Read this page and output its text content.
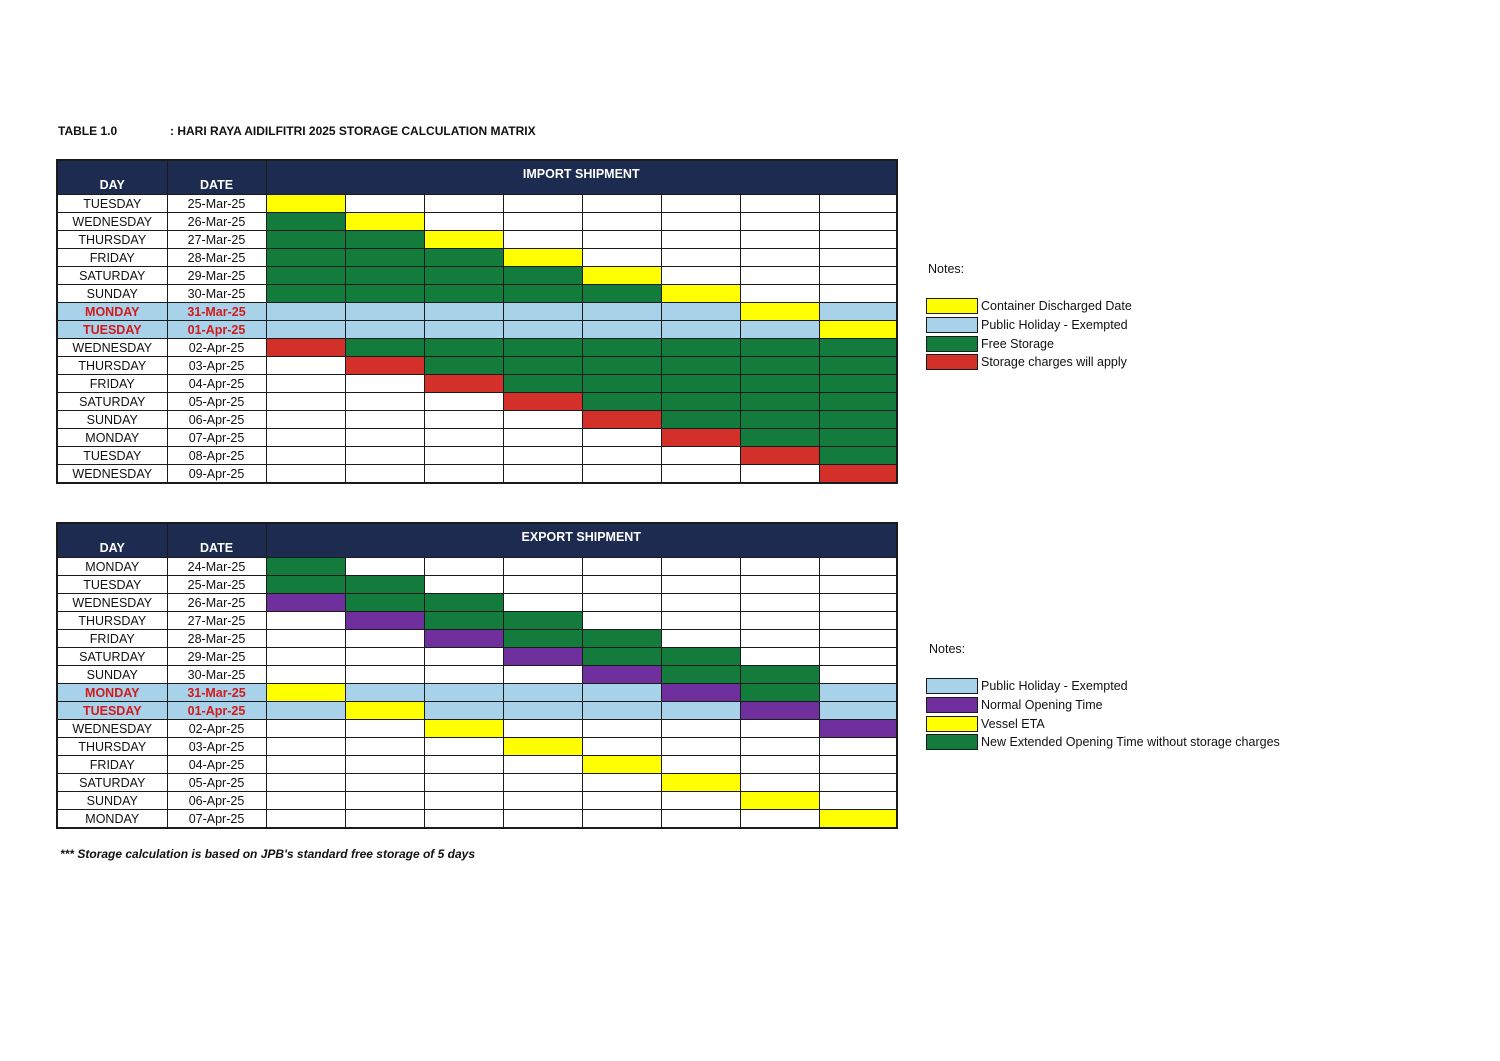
TABLE 1.0	: HARI RAYA AIDILFITRI 2025 STORAGE CALCULATION MATRIX
DAY	DATE	IMPORT SHIPMENT							
TUESDAY	25-Mar-25								
WEDNESDAY	26-Mar-25								
THURSDAY	27-Mar-25								
FRIDAY	28-Mar-25								
SATURDAY	29-Mar-25								
SUNDAY	30-Mar-25								
MONDAY	31-Mar-25								
TUESDAY	01-Apr-25								
WEDNESDAY	02-Apr-25								
THURSDAY	03-Apr-25								
FRIDAY	04-Apr-25								
SATURDAY	05-Apr-25								
SUNDAY	06-Apr-25								
MONDAY	07-Apr-25								
TUESDAY	08-Apr-25								
WEDNESDAY	09-Apr-25								
Notes:
Container Discharged Date
Public Holiday - Exempted
Free Storage
Storage charges will apply
DAY	DATE	EXPORT SHIPMENT							
MONDAY	24-Mar-25								
TUESDAY	25-Mar-25								
WEDNESDAY	26-Mar-25								
THURSDAY	27-Mar-25								
FRIDAY	28-Mar-25								
SATURDAY	29-Mar-25								
SUNDAY	30-Mar-25								
MONDAY	31-Mar-25								
TUESDAY	01-Apr-25								
WEDNESDAY	02-Apr-25								
THURSDAY	03-Apr-25								
FRIDAY	04-Apr-25								
SATURDAY	05-Apr-25								
SUNDAY	06-Apr-25								
MONDAY	07-Apr-25								
Notes:
Public Holiday - Exempted
Normal Opening Time
Vessel ETA
New Extended Opening Time without storage charges
*** Storage calculation is based on JPB's standard free storage of 5 days
